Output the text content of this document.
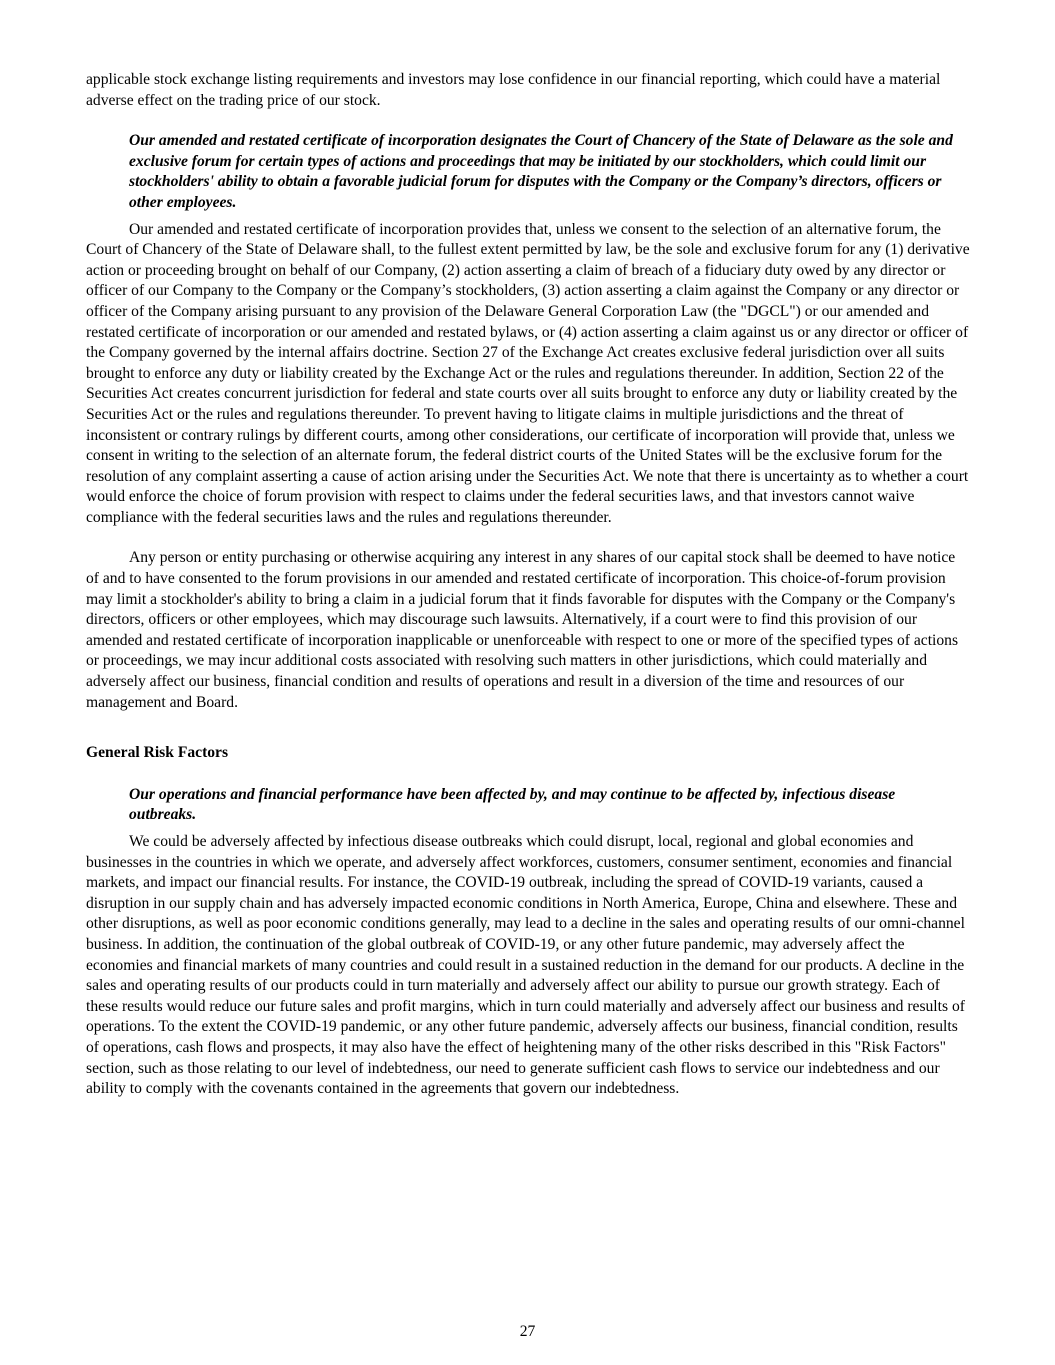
applicable stock exchange listing requirements and investors may lose confidence in our financial reporting, which could have a material adverse effect on the trading price of our stock.

Our amended and restated certificate of incorporation designates the Court of Chancery of the State of Delaware as the sole and exclusive forum for certain types of actions and proceedings that may be initiated by our stockholders, which could limit our stockholders' ability to obtain a favorable judicial forum for disputes with the Company or the Company’s directors, officers or other employees.

Our amended and restated certificate of incorporation provides that, unless we consent to the selection of an alternative forum, the Court of Chancery of the State of Delaware shall, to the fullest extent permitted by law, be the sole and exclusive forum for any (1) derivative action or proceeding brought on behalf of our Company, (2) action asserting a claim of breach of a fiduciary duty owed by any director or officer of our Company to the Company or the Company’s stockholders, (3) action asserting a claim against the Company or any director or officer of the Company arising pursuant to any provision of the Delaware General Corporation Law (the "DGCL") or our amended and restated certificate of incorporation or our amended and restated bylaws, or (4) action asserting a claim against us or any director or officer of the Company governed by the internal affairs doctrine. Section 27 of the Exchange Act creates exclusive federal jurisdiction over all suits brought to enforce any duty or liability created by the Exchange Act or the rules and regulations thereunder. In addition, Section 22 of the Securities Act creates concurrent jurisdiction for federal and state courts over all suits brought to enforce any duty or liability created by the Securities Act or the rules and regulations thereunder. To prevent having to litigate claims in multiple jurisdictions and the threat of inconsistent or contrary rulings by different courts, among other considerations, our certificate of incorporation will provide that, unless we consent in writing to the selection of an alternate forum, the federal district courts of the United States will be the exclusive forum for the resolution of any complaint asserting a cause of action arising under the Securities Act. We note that there is uncertainty as to whether a court would enforce the choice of forum provision with respect to claims under the federal securities laws, and that investors cannot waive compliance with the federal securities laws and the rules and regulations thereunder.

Any person or entity purchasing or otherwise acquiring any interest in any shares of our capital stock shall be deemed to have notice of and to have consented to the forum provisions in our amended and restated certificate of incorporation. This choice-of-forum provision may limit a stockholder's ability to bring a claim in a judicial forum that it finds favorable for disputes with the Company or the Company's directors, officers or other employees, which may discourage such lawsuits. Alternatively, if a court were to find this provision of our amended and restated certificate of incorporation inapplicable or unenforceable with respect to one or more of the specified types of actions or proceedings, we may incur additional costs associated with resolving such matters in other jurisdictions, which could materially and adversely affect our business, financial condition and results of operations and result in a diversion of the time and resources of our management and Board.

General Risk Factors

Our operations and financial performance have been affected by, and may continue to be affected by, infectious disease outbreaks.

We could be adversely affected by infectious disease outbreaks which could disrupt, local, regional and global economies and businesses in the countries in which we operate, and adversely affect workforces, customers, consumer sentiment, economies and financial markets, and impact our financial results. For instance, the COVID-19 outbreak, including the spread of COVID-19 variants, caused a disruption in our supply chain and has adversely impacted economic conditions in North America, Europe, China and elsewhere. These and other disruptions, as well as poor economic conditions generally, may lead to a decline in the sales and operating results of our omni-channel business. In addition, the continuation of the global outbreak of COVID-19, or any other future pandemic, may adversely affect the economies and financial markets of many countries and could result in a sustained reduction in the demand for our products. A decline in the sales and operating results of our products could in turn materially and adversely affect our ability to pursue our growth strategy. Each of these results would reduce our future sales and profit margins, which in turn could materially and adversely affect our business and results of operations. To the extent the COVID-19 pandemic, or any other future pandemic, adversely affects our business, financial condition, results of operations, cash flows and prospects, it may also have the effect of heightening many of the other risks described in this "Risk Factors" section, such as those relating to our level of indebtedness, our need to generate sufficient cash flows to service our indebtedness and our ability to comply with the covenants contained in the agreements that govern our indebtedness.

27
